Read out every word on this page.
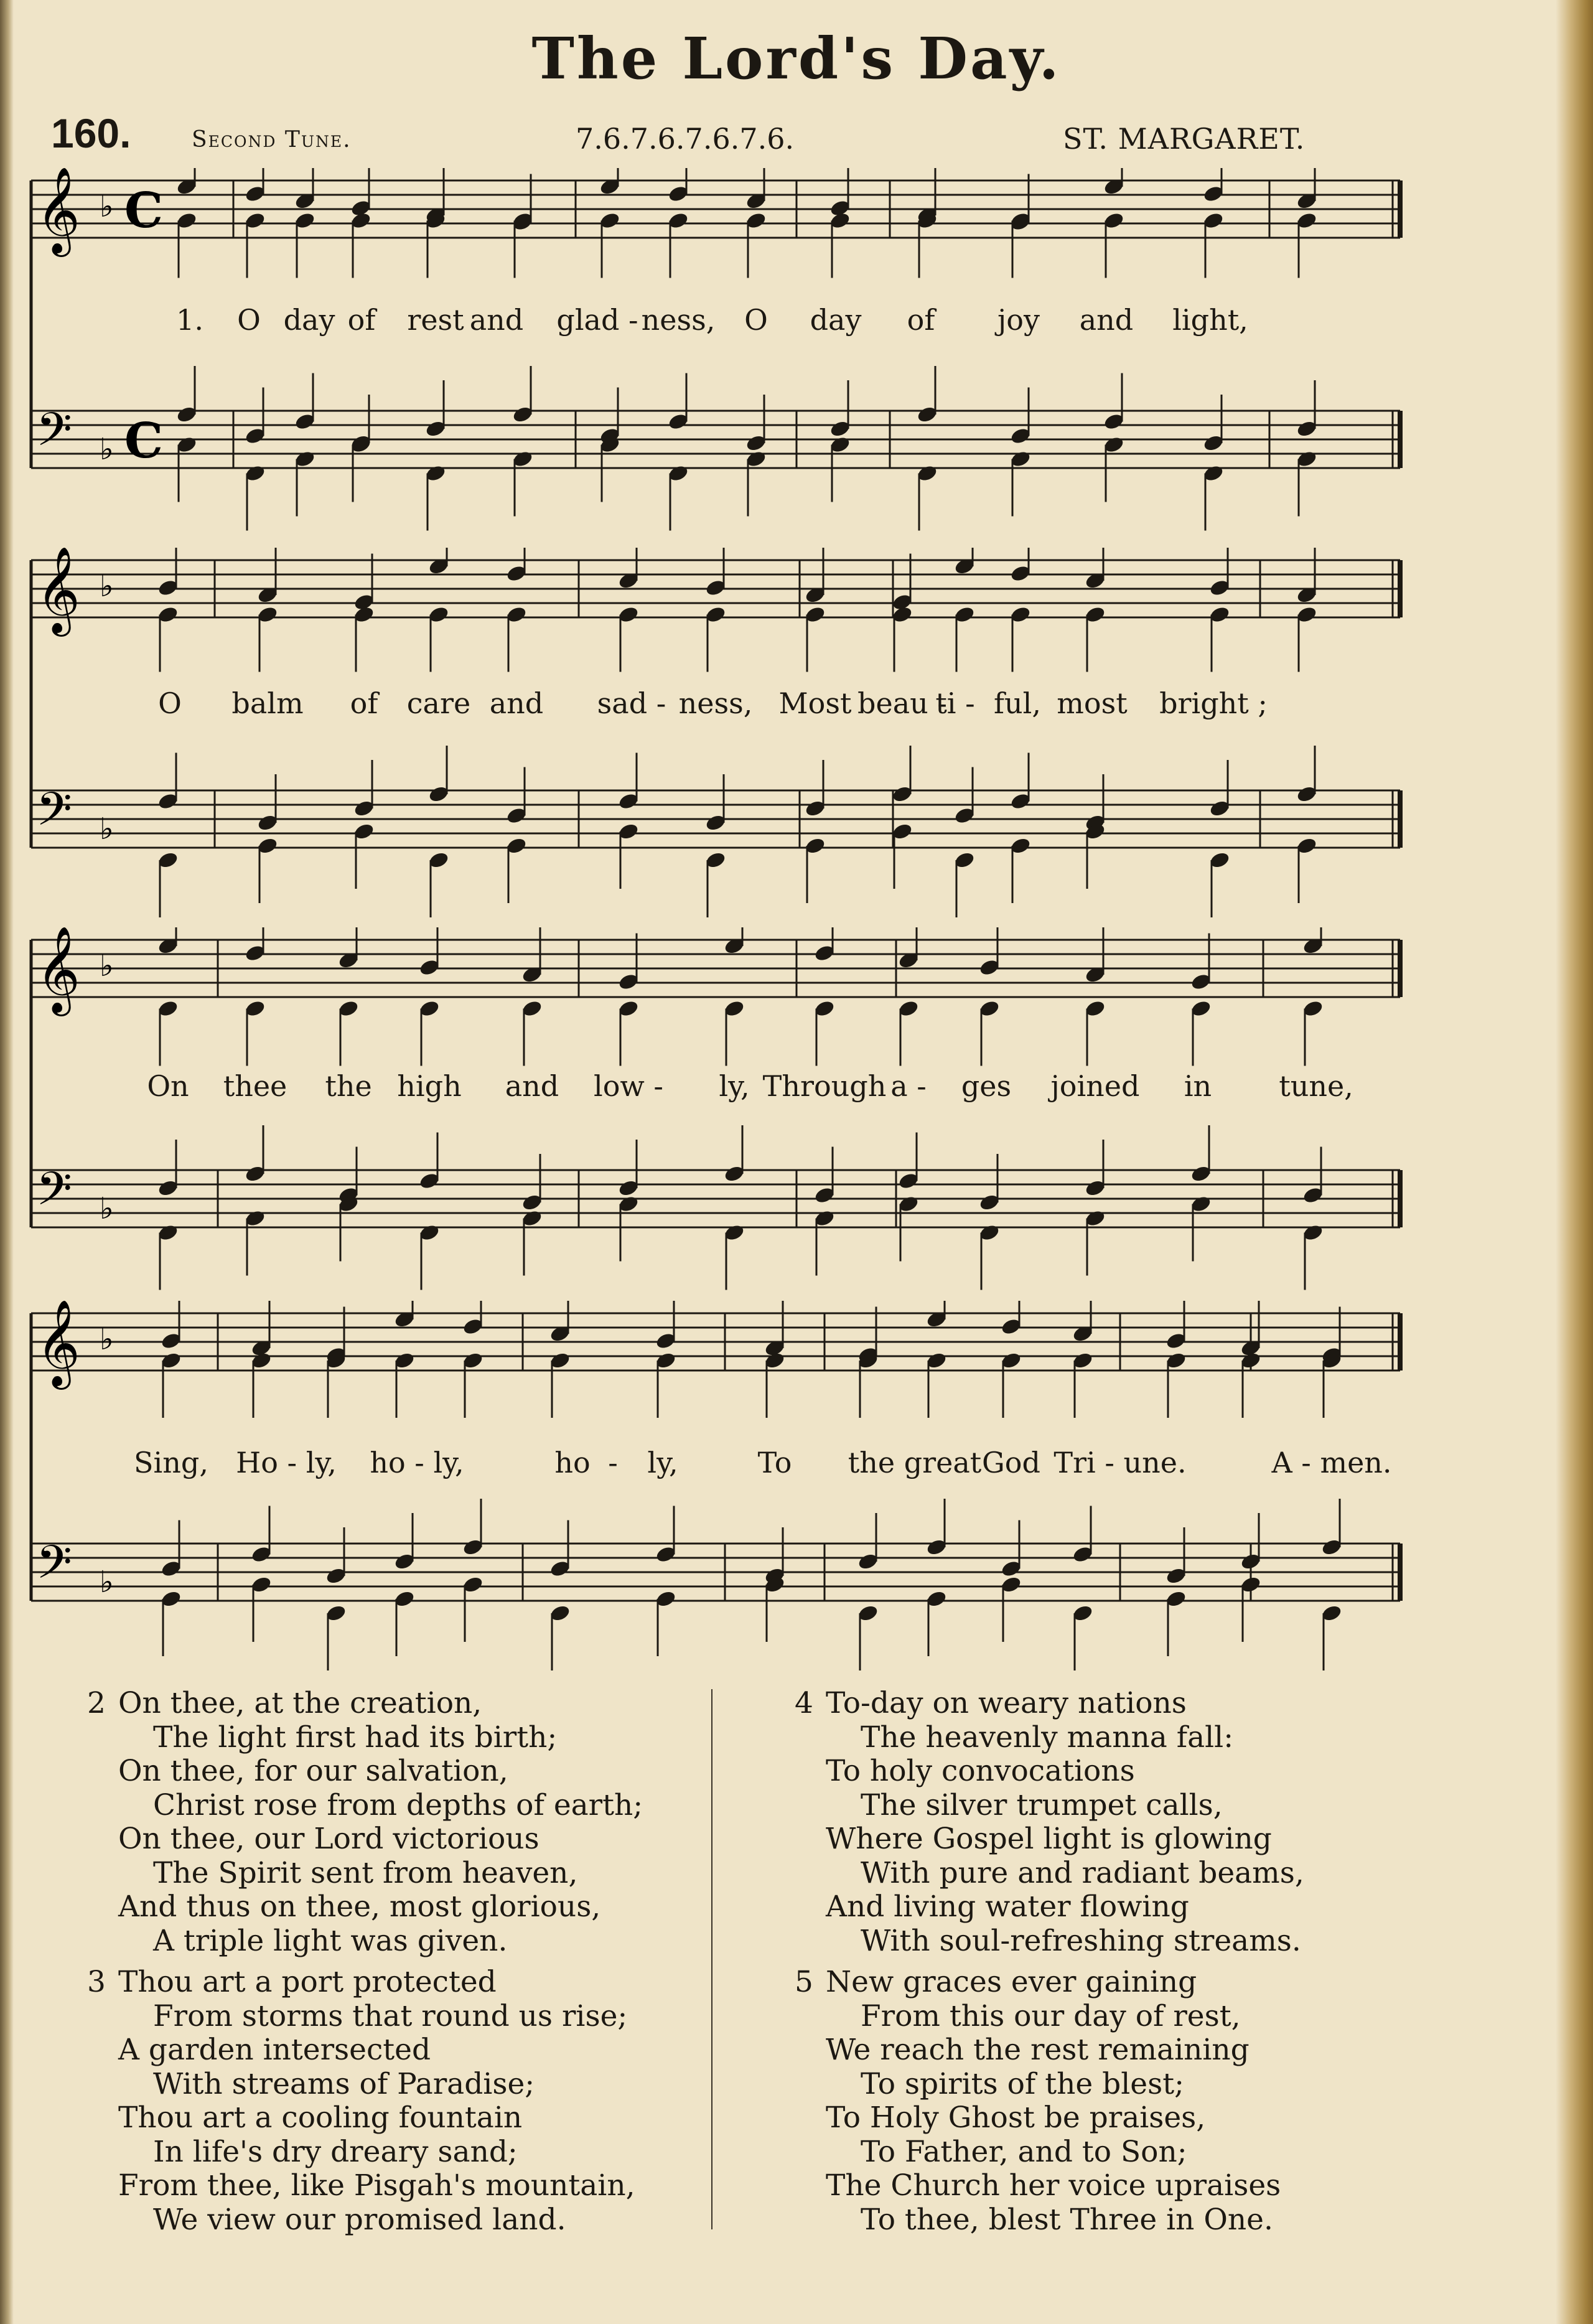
The Lord's Day.
160.	Second Tune.	7.6.7.6.7.6.7.6.	ST. MARGARET.
𝄞
𝄢
♭
♭
C
C
𝄞
𝄢
♭
♭
𝄞
𝄢
♭
♭
𝄞
𝄢
♭
♭
1. O day of rest and glad - ness, O day of joy and light,
O balm of care and sad - ness, Most beau -
ti - ful, most bright ;
On thee the high and low - ly, Through a - ges joined in tune,
Sing, Ho - ly, ho - ly,	ho - ly,	To the great God Tri - une.	A - men.
2 On thee, at the creation,
The light first had its birth;
On thee, for our salvation,
Christ rose from depths of earth;
On thee, our Lord victorious
The Spirit sent from heaven,
And thus on thee, most glorious,
A triple light was given.
3 Thou art a port protected
From storms that round us rise;
A garden intersected
With streams of Paradise;
Thou art a cooling fountain
In life's dry dreary sand;
From thee, like Pisgah's mountain,
We view our promised land.
4 To-day on weary nations
The heavenly manna fall:
To holy convocations
The silver trumpet calls,
Where Gospel light is glowing
With pure and radiant beams,
And living water flowing
With soul-refreshing streams.
5 New graces ever gaining
From this our day of rest,
We reach the rest remaining
To spirits of the blest;
To Holy Ghost be praises,
To Father, and to Son;
The Church her voice upraises
To thee, blest Three in One.
